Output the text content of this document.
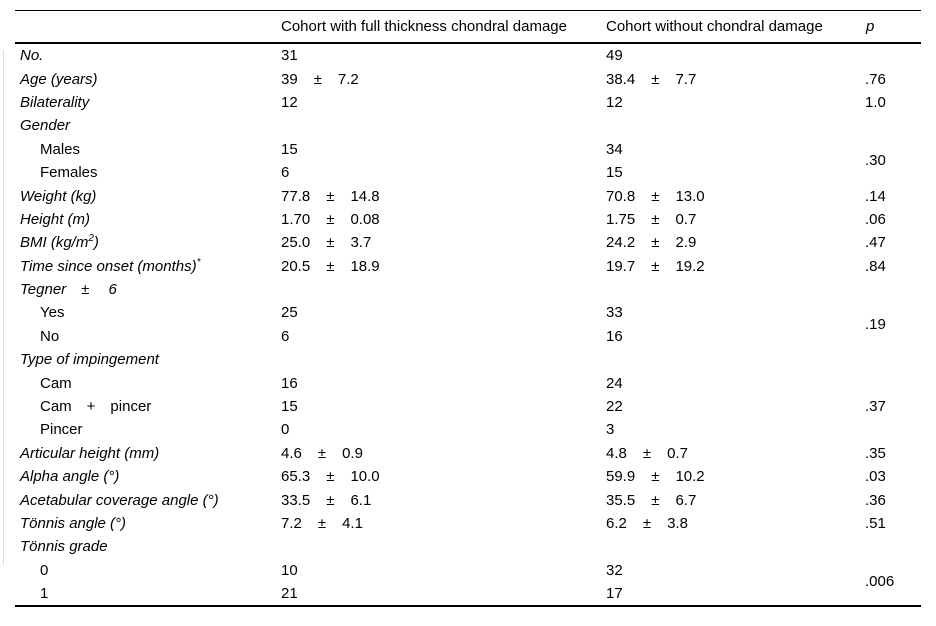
	Cohort with full thickness chondral damage	Cohort without chondral damage	p
No.	31	49	
Age (years)	39 ± 7.2	38.4 ± 7.7	.76
Bilaterality	12	12	1.0
Gender			
Males	15	34	.30
Females	6	15	
Weight (kg)	77.8 ± 14.8	70.8 ± 13.0	.14
Height (m)	1.70 ± 0.08	1.75 ± 0.7	.06
BMI $(kg/m^2)$	25.0 ± 3.7	24.2 ± 2.9	.47
Time since onset (months)*	20.5 ± 18.9	19.7 ± 19.2	.84
Tegner ±  6			
Yes	25	33	.19
No	6	16	
Type of impingement			
Cam	16	24	
Cam + pincer	15	22	.37
Pincer	0	3	
Articular height (mm)	4.6 ± 0.9	4.8 ± 0.7	.35
Alpha angle (°)	65.3 ± 10.0	59.9 ± 10.2	.03
Acetabular coverage angle (°)	33.5 ± 6.1	35.5 ± 6.7	.36
Tönnis angle (°)	7.2 ± 4.1	6.2 ± 3.8	.51
Tönnis grade			
0	10	32	.006
1	21	17	
